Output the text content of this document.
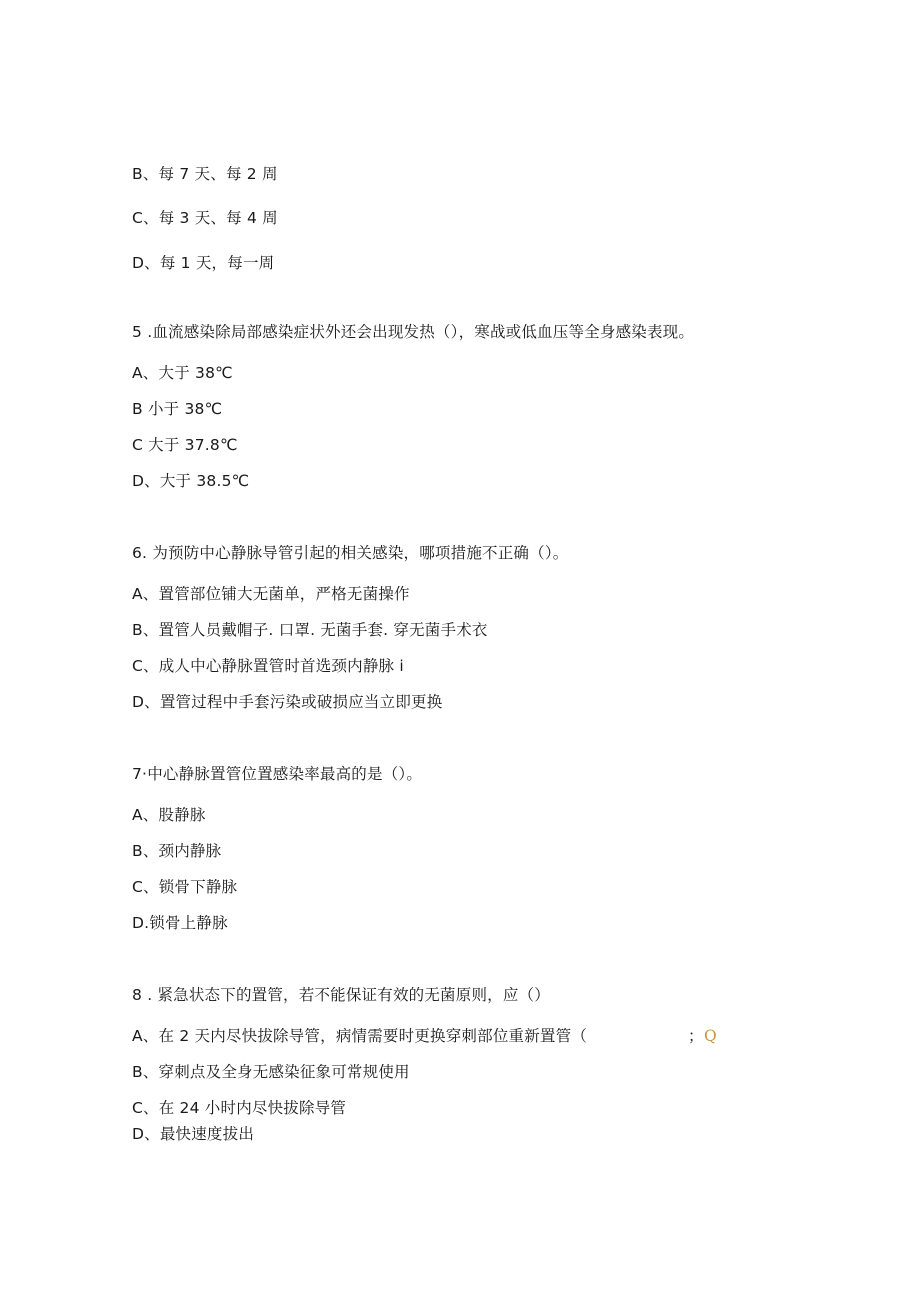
B、每 7 天、每 2 周
C、每 3 天、每 4 周
D、每 1 天，每一周
5 .血流感染除局部感染症状外还会出现发热（），寒战或低血压等全身感染表现。
A、大于 38℃
B 小于 38℃
C 大于 37.8℃
D、大于 38.5℃
6. 为预防中心静脉导管引起的相关感染，哪项措施不正确（）。
A、置管部位铺大无菌单，严格无菌操作
B、置管人员戴帽子. 口罩. 无菌手套. 穿无菌手术衣
C、成人中心静脉置管时首选颈内静脉 i
D、置管过程中手套污染或破损应当立即更换
7·中心静脉置管位置感染率最高的是（）。
A、股静脉
B、颈内静脉
C、锁骨下静脉
D.锁骨上静脉
8 . 紧急状态下的置管，若不能保证有效的无菌原则，应（）
A、在 2 天内尽快拔除导管，病情需要时更换穿刺部位重新置管（	； Q
B、穿刺点及全身无感染征象可常规使用
C、在 24 小时内尽快拔除导管
D、最快速度拔出
